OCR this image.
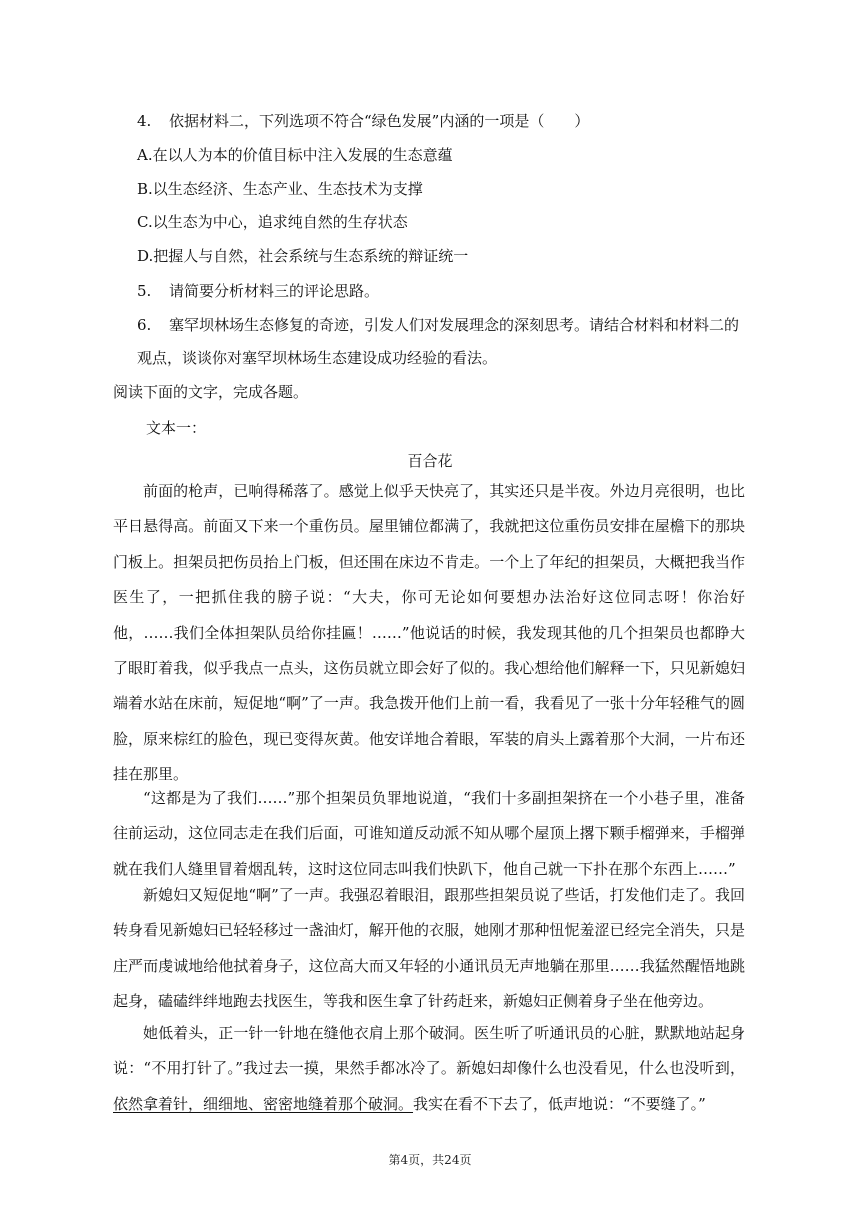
4. 依据材料二，下列选项不符合“绿色发展”内涵的一项是（　　）
A.在以人为本的价值目标中注入发展的生态意蕴
B.以生态经济、生态产业、生态技术为支撑
C.以生态为中心，追求纯自然的生存状态
D.把握人与自然，社会系统与生态系统的辩证统一
5. 请简要分析材料三的评论思路。
6. 塞罕坝林场生态修复的奇迹，引发人们对发展理念的深刻思考。请结合材料和材料二的
观点，谈谈你对塞罕坝林场生态建设成功经验的看法。
阅读下面的文字，完成各题。
文本一：
百合花
前面的枪声，已响得稀落了。感觉上似乎天快亮了，其实还只是半夜。外边月亮很明，也比平日悬得高。前面又下来一个重伤员。屋里铺位都满了，我就把这位重伤员安排在屋檐下的那块门板上。担架员把伤员抬上门板，但还围在床边不肯走。一个上了年纪的担架员，大概把我当作医生了，一把抓住我的膀子说：“大夫，你可无论如何要想办法治好这位同志呀！你治好他，……我们全体担架队员给你挂匾！……”他说话的时候，我发现其他的几个担架员也都睁大了眼盯着我，似乎我点一点头，这伤员就立即会好了似的。我心想给他们解释一下，只见新媳妇端着水站在床前，短促地“啊”了一声。我急拨开他们上前一看，我看见了一张十分年轻稚气的圆脸，原来棕红的脸色，现已变得灰黄。他安详地合着眼，军装的肩头上露着那个大洞，一片布还挂在那里。
“这都是为了我们……”那个担架员负罪地说道，“我们十多副担架挤在一个小巷子里，准备往前运动，这位同志走在我们后面，可谁知道反动派不知从哪个屋顶上撂下颗手榴弹来，手榴弹就在我们人缝里冒着烟乱转，这时这位同志叫我们快趴下，他自己就一下扑在那个东西上……”
新媳妇又短促地“啊”了一声。我强忍着眼泪，跟那些担架员说了些话，打发他们走了。我回转身看见新媳妇已轻轻移过一盏油灯，解开他的衣服，她刚才那种忸怩羞涩已经完全消失，只是庄严而虔诚地给他拭着身子，这位高大而又年轻的小通讯员无声地躺在那里……我猛然醒悟地跳起身，磕磕绊绊地跑去找医生，等我和医生拿了针药赶来，新媳妇正侧着身子坐在他旁边。
她低着头，正一针一针地在缝他衣肩上那个破洞。医生听了听通讯员的心脏，默默地站起身说：“不用打针了。”我过去一摸，果然手都冰冷了。新媳妇却像什么也没看见，什么也没听到，依然拿着针，细细地、密密地缝着那个破洞。我实在看不下去了，低声地说：“不要缝了。”
第4页，共24页
